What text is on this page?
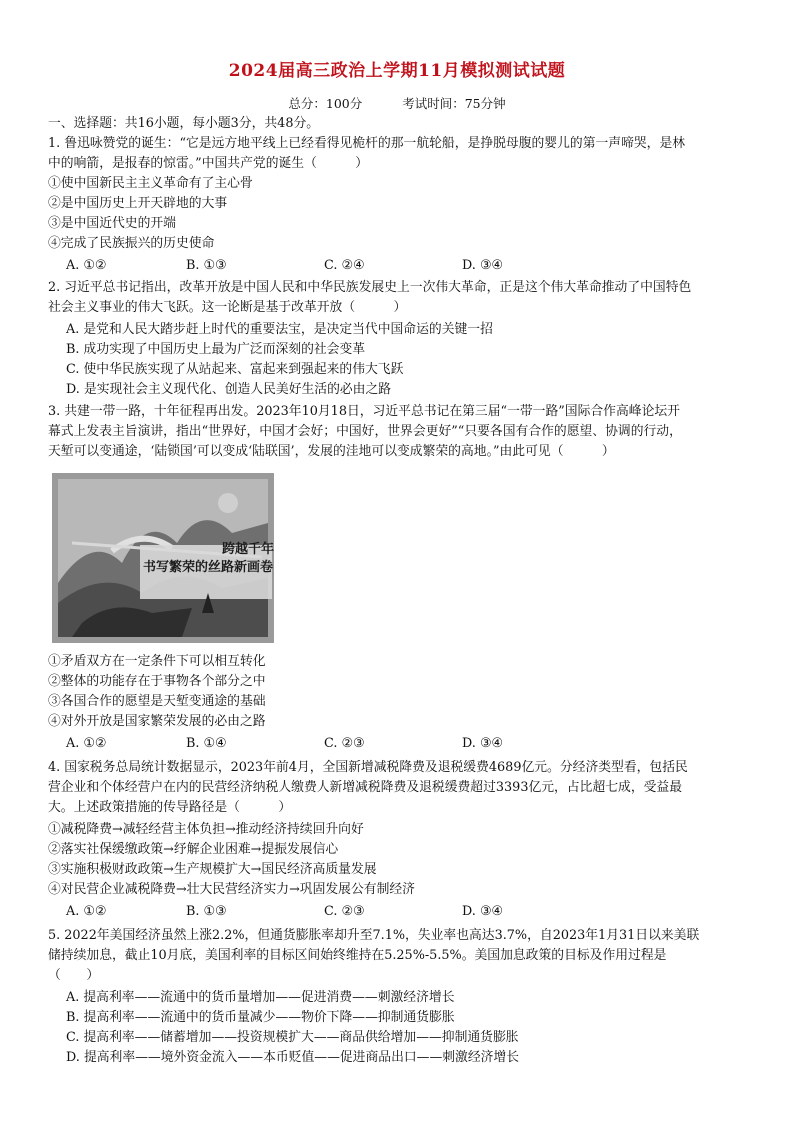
2024届高三政治上学期11月模拟测试试题
总分：100分	考试时间：75分钟
一、选择题：共16小题，每小题3分，共48分。
1. 鲁迅咏赞党的诞生：“它是远方地平线上已经看得见桅杆的那一航轮船，是挣脱母腹的婴儿的第一声啼哭，是林
中的响箭，是报春的惊雷。”中国共产党的诞生（　　　）
①使中国新民主主义革命有了主心骨
②是中国历史上开天辟地的大事
③是中国近代史的开端
④完成了民族振兴的历史使命
A. ①②	B. ①③	C. ②④	D. ③④
2. 习近平总书记指出，改革开放是中国人民和中华民族发展史上一次伟大革命，正是这个伟大革命推动了中国特色
社会主义事业的伟大飞跃。这一论断是基于改革开放（　　　）
A. 是党和人民大踏步赶上时代的重要法宝，是决定当代中国命运的关键一招
B. 成功实现了中国历史上最为广泛而深刻的社会变革
C. 使中华民族实现了从站起来、富起来到强起来的伟大飞跃
D. 是实现社会主义现代化、创造人民美好生活的必由之路
3. 共建一带一路，十年征程再出发。2023年10月18日，习近平总书记在第三届“一带一路”国际合作高峰论坛开
幕式上发表主旨演讲，指出“世界好，中国才会好；中国好，世界会更好”“只要各国有合作的愿望、协调的行动，
天堑可以变通途，‘陆锁国’可以变成‘陆联国’，发展的洼地可以变成繁荣的高地。”由此可见（　　　）
跨越千年
书写繁荣的丝路新画卷
①矛盾双方在一定条件下可以相互转化
②整体的功能存在于事物各个部分之中
③各国合作的愿望是天堑变通途的基础
④对外开放是国家繁荣发展的必由之路
A. ①②	B. ①④	C. ②③	D. ③④
4. 国家税务总局统计数据显示，2023年前4月，全国新增减税降费及退税缓费4689亿元。分经济类型看，包括民
营企业和个体经营户在内的民营经济纳税人缴费人新增减税降费及退税缓费超过3393亿元，占比超七成，受益最
大。上述政策措施的传导路径是（　　　）
①减税降费→减轻经营主体负担→推动经济持续回升向好
②落实社保缓缴政策→纾解企业困难→提振发展信心
③实施积极财政政策→生产规模扩大→国民经济高质量发展
④对民营企业减税降费→壮大民营经济实力→巩固发展公有制经济
A. ①②	B. ①③	C. ②③	D. ③④
5. 2022年美国经济虽然上涨2.2%，但通货膨胀率却升至7.1%，失业率也高达3.7%，自2023年1月31日以来美联
储持续加息，截止10月底，美国利率的目标区间始终维持在5.25%-5.5%。美国加息政策的目标及作用过程是
（　　）
A. 提高利率——流通中的货币量增加——促进消费——刺激经济增长
B. 提高利率——流通中的货币量减少——物价下降——抑制通货膨胀
C. 提高利率——储蓄增加——投资规模扩大——商品供给增加——抑制通货膨胀
D. 提高利率——境外资金流入——本币贬值——促进商品出口——刺激经济增长
